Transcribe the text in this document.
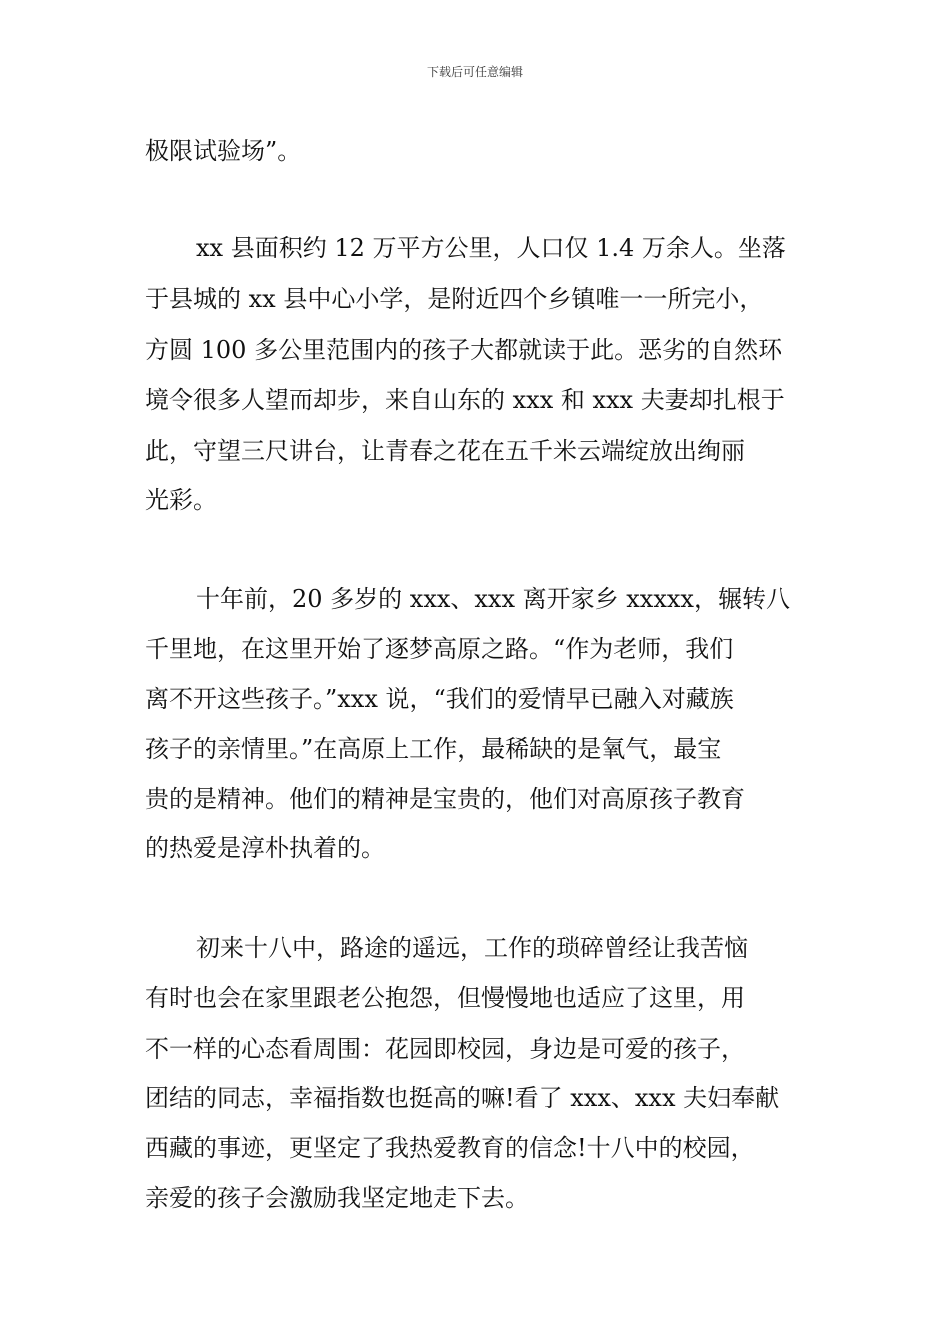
下载后可任意编辑
极限试验场”。
xx 县面积约 12 万平方公里，人口仅 1.4 万余人。坐落
于县城的 xx 县中心小学，是附近四个乡镇唯一一所完小，
方圆 100 多公里范围内的孩子大都就读于此。恶劣的自然环
境令很多人望而却步，来自山东的 xxx 和 xxx 夫妻却扎根于
此，守望三尺讲台，让青春之花在五千米云端绽放出绚丽
光彩。
十年前，20 多岁的 xxx、xxx 离开家乡 xxxxx，辗转八
千里地，在这里开始了逐梦高原之路。“作为老师，我们
离不开这些孩子。”xxx 说，“我们的爱情早已融入对藏族
孩子的亲情里。”在高原上工作，最稀缺的是氧气，最宝
贵的是精神。他们的精神是宝贵的，他们对高原孩子教育
的热爱是淳朴执着的。
初来十八中，路途的遥远，工作的琐碎曾经让我苦恼
有时也会在家里跟老公抱怨，但慢慢地也适应了这里，用
不一样的心态看周围：花园即校园，身边是可爱的孩子，
团结的同志，幸福指数也挺高的嘛!看了 xxx、xxx 夫妇奉献
西藏的事迹，更坚定了我热爱教育的信念!十八中的校园，
亲爱的孩子会激励我坚定地走下去。
